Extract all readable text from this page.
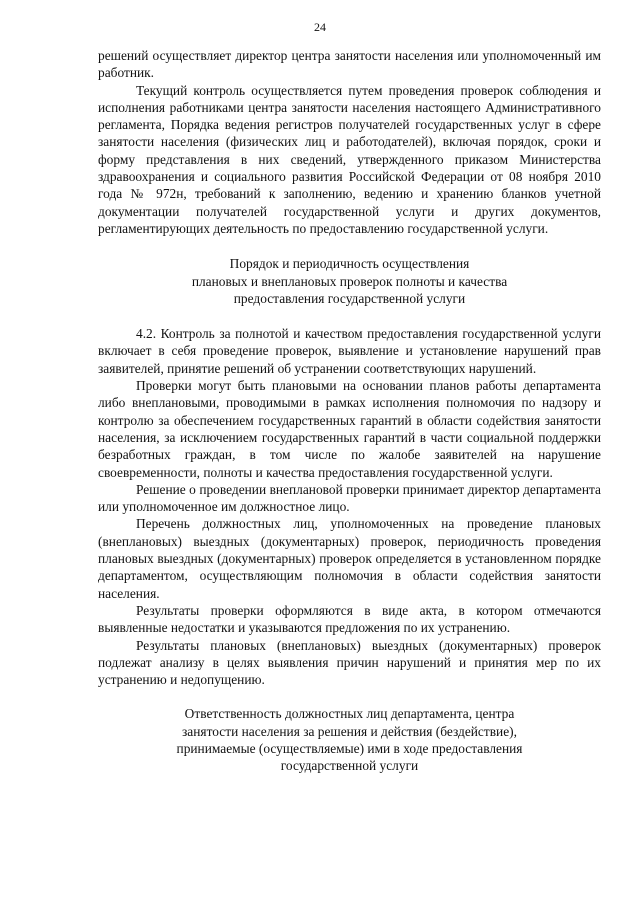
24

решений осуществляет директор центра занятости населения или уполномоченный им работник.

Текущий контроль осуществляется путем проведения проверок соблюдения и исполнения работниками центра занятости населения настоящего Административного регламента, Порядка ведения регистров получателей государственных услуг в сфере занятости населения (физических лиц и работодателей), включая порядок, сроки и форму представления в них сведений, утвержденного приказом Министерства здравоохранения и социального развития Российской Федерации от 08 ноября 2010 года № 972н, требований к заполнению, ведению и хранению бланков учетной документации получателей государственной услуги и других документов, регламентирующих деятельность по предоставлению государственной услуги.

Порядок и периодичность осуществления
плановых и внеплановых проверок полноты и качества
предоставления государственной услуги

4.2. Контроль за полнотой и качеством предоставления государственной услуги включает в себя проведение проверок, выявление и установление нарушений прав заявителей, принятие решений об устранении соответствующих нарушений.

Проверки могут быть плановыми на основании планов работы департамента либо внеплановыми, проводимыми в рамках исполнения полномочия по надзору и контролю за обеспечением государственных гарантий в области содействия занятости населения, за исключением государственных гарантий в части социальной поддержки безработных граждан, в том числе по жалобе заявителей на нарушение своевременности, полноты и качества предоставления государственной услуги.

Решение о проведении внеплановой проверки принимает директор департамента или уполномоченное им должностное лицо.

Перечень должностных лиц, уполномоченных на проведение плановых (внеплановых) выездных (документарных) проверок, периодичность проведения плановых выездных (документарных) проверок определяется в установленном порядке департаментом, осуществляющим полномочия в области содействия занятости населения.

Результаты проверки оформляются в виде акта, в котором отмечаются выявленные недостатки и указываются предложения по их устранению.

Результаты плановых (внеплановых) выездных (документарных) проверок подлежат анализу в целях выявления причин нарушений и принятия мер по их устранению и недопущению.

Ответственность должностных лиц департамента, центра
занятости населения за решения и действия (бездействие),
принимаемые (осуществляемые) ими в ходе предоставления
государственной услуги
